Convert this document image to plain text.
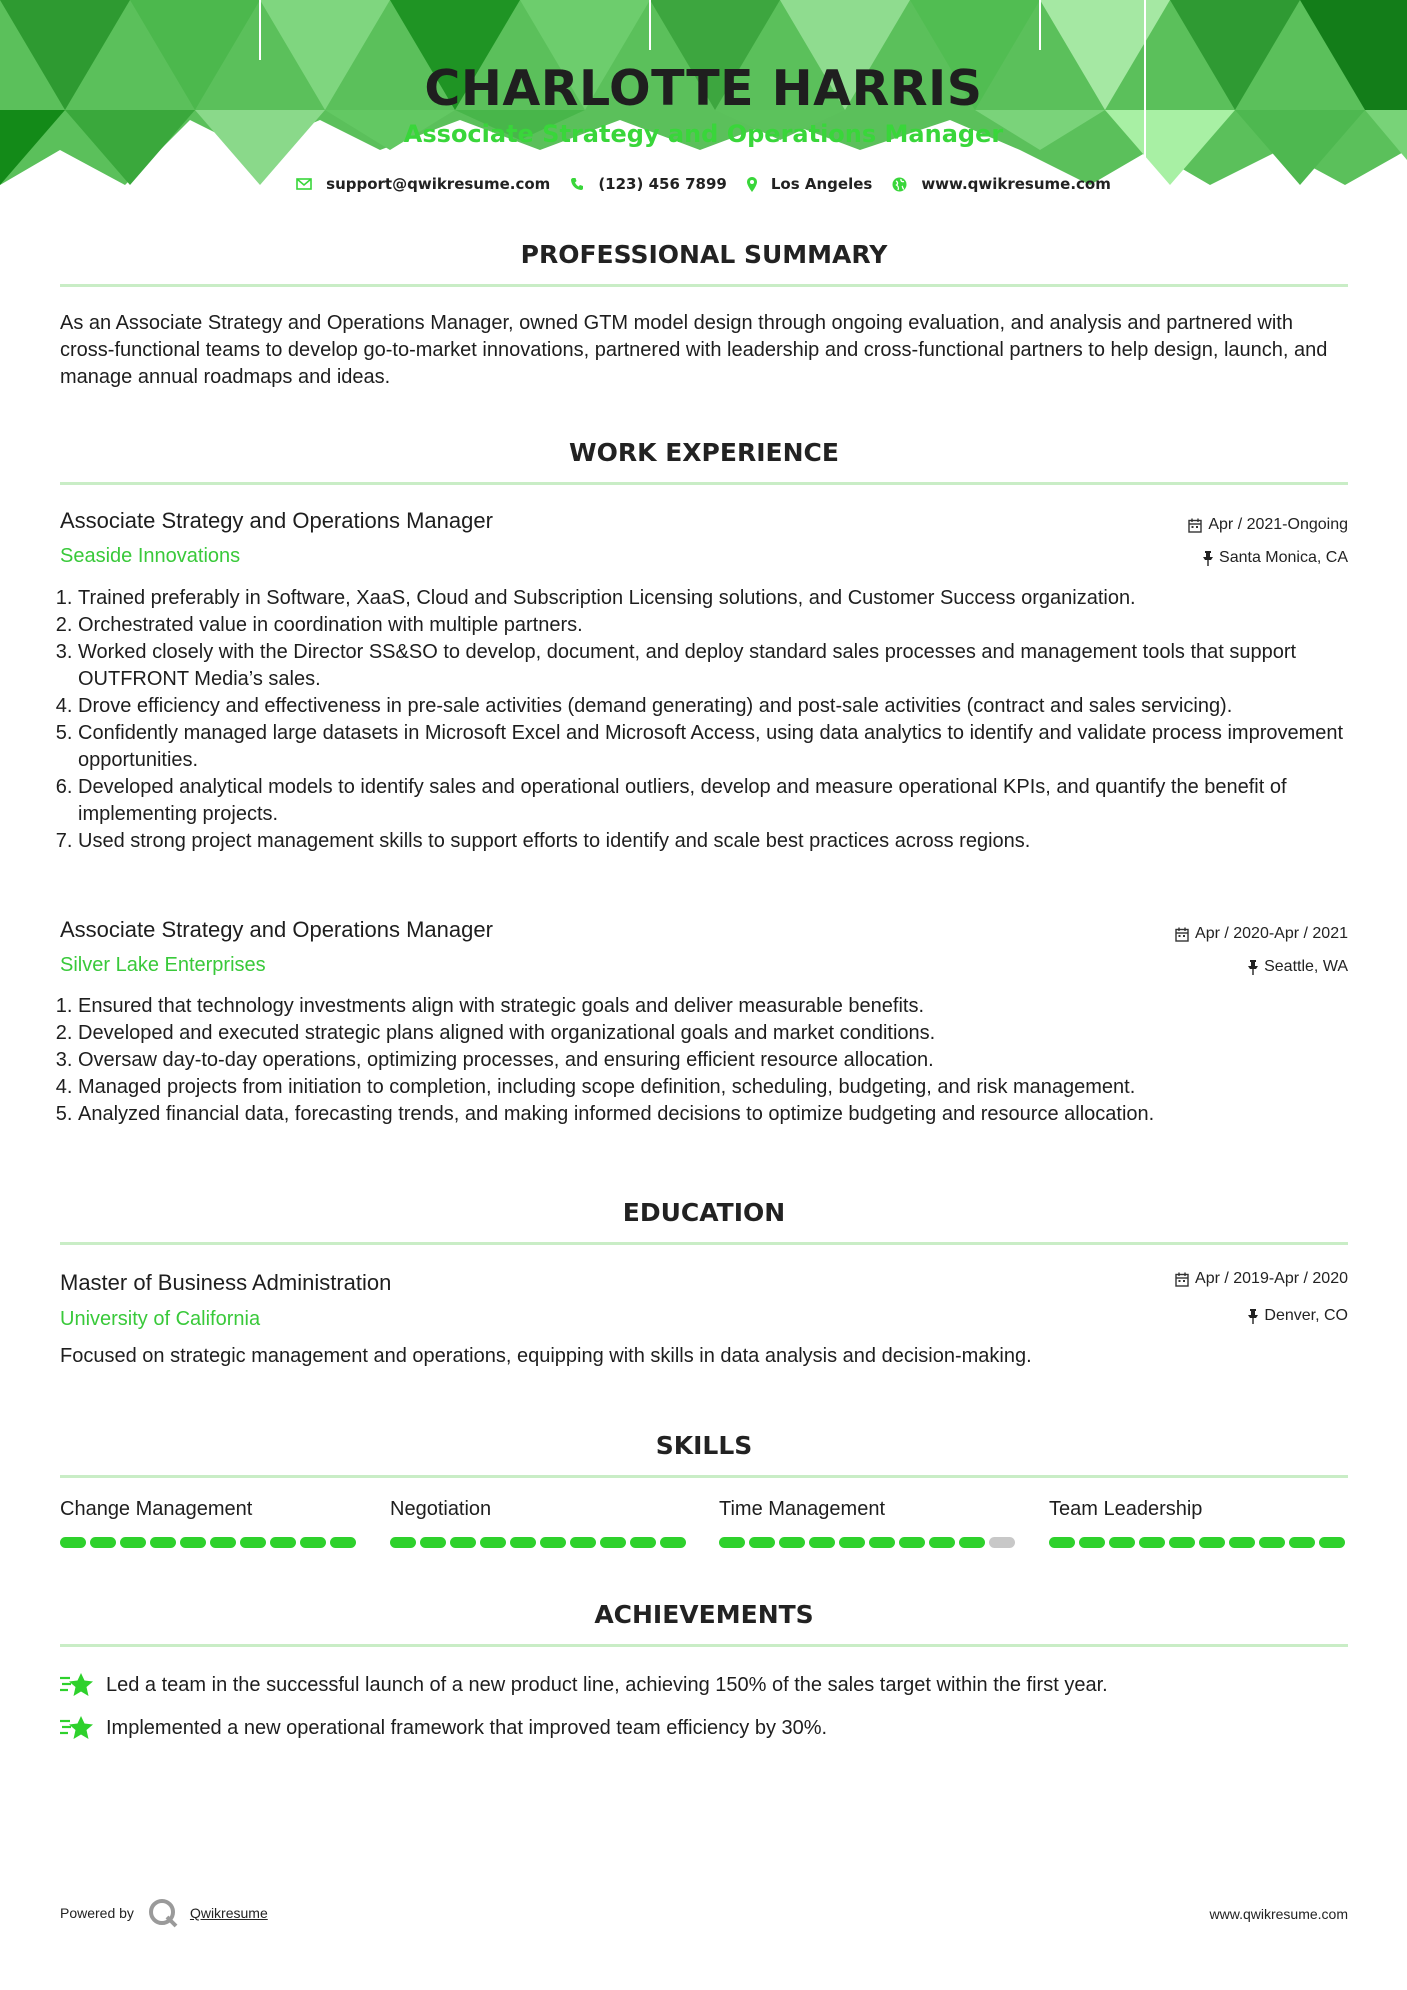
CHARLOTTE HARRIS
Associate Strategy and Operations Manager
support@qwikresume.com	(123) 456 7899	Los Angeles	www.qwikresume.com
PROFESSIONAL SUMMARY
As an Associate Strategy and Operations Manager, owned GTM model design through ongoing evaluation, and analysis and partnered with cross-functional teams to develop go-to-market innovations, partnered with leadership and cross-functional partners to help design, launch, and manage annual roadmaps and ideas.
WORK EXPERIENCE
Associate Strategy and Operations Manager	Apr / 2021-Ongoing
Seaside Innovations	Santa Monica, CA
1. Trained preferably in Software, XaaS, Cloud and Subscription Licensing solutions, and Customer Success organization.
2. Orchestrated value in coordination with multiple partners.
3. Worked closely with the Director SS&SO to develop, document, and deploy standard sales processes and management tools that support OUTFRONT Media’s sales.
4. Drove efficiency and effectiveness in pre-sale activities (demand generating) and post-sale activities (contract and sales servicing).
5. Confidently managed large datasets in Microsoft Excel and Microsoft Access, using data analytics to identify and validate process improvement opportunities.
6. Developed analytical models to identify sales and operational outliers, develop and measure operational KPIs, and quantify the benefit of implementing projects.
7. Used strong project management skills to support efforts to identify and scale best practices across regions.
Associate Strategy and Operations Manager	Apr / 2020-Apr / 2021
Silver Lake Enterprises	Seattle, WA
1. Ensured that technology investments align with strategic goals and deliver measurable benefits.
2. Developed and executed strategic plans aligned with organizational goals and market conditions.
3. Oversaw day-to-day operations, optimizing processes, and ensuring efficient resource allocation.
4. Managed projects from initiation to completion, including scope definition, scheduling, budgeting, and risk management.
5. Analyzed financial data, forecasting trends, and making informed decisions to optimize budgeting and resource allocation.
EDUCATION
Master of Business Administration	Apr / 2019-Apr / 2020
University of California	Denver, CO
Focused on strategic management and operations, equipping with skills in data analysis and decision-making.
SKILLS
Change Management	Negotiation	Time Management	Team Leadership
ACHIEVEMENTS
Led a team in the successful launch of a new product line, achieving 150% of the sales target within the first year.
Implemented a new operational framework that improved team efficiency by 30%.
Powered by	Qwikresume	www.qwikresume.com
